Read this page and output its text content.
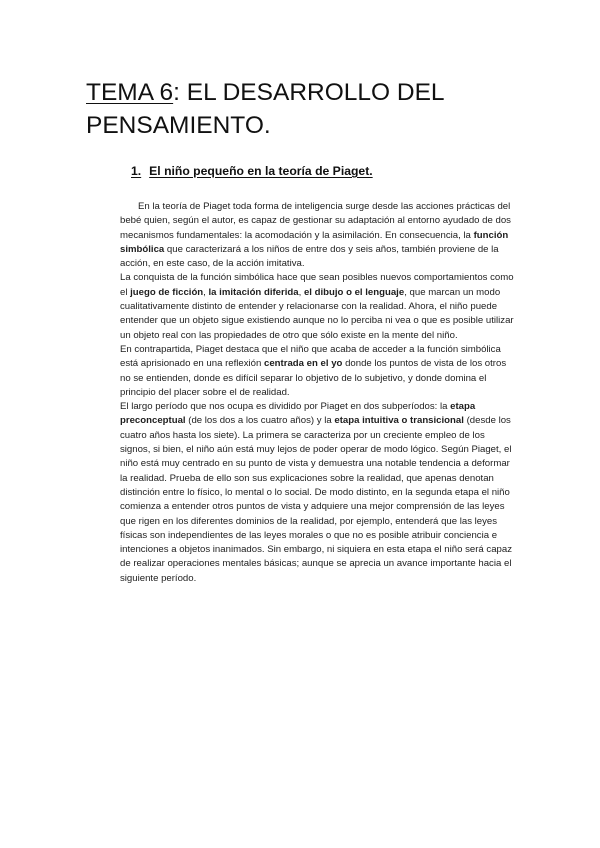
TEMA 6: EL DESARROLLO DEL PENSAMIENTO.
1. El niño pequeño en la teoría de Piaget.

En la teoría de Piaget toda forma de inteligencia surge desde las acciones prácticas del bebé quien, según el autor, es capaz de gestionar su adaptación al entorno ayudado de dos mecanismos fundamentales: la acomodación y la asimilación. En consecuencia, la función simbólica que caracterizará a los niños de entre dos y seis años, también proviene de la acción, en este caso, de la acción imitativa.

La conquista de la función simbólica hace que sean posibles nuevos comportamientos como el juego de ficción, la imitación diferida, el dibujo o el lenguaje, que marcan un modo cualitativamente distinto de entender y relacionarse con la realidad. Ahora, el niño puede entender que un objeto sigue existiendo aunque no lo perciba ni vea o que es posible utilizar un objeto real con las propiedades de otro que sólo existe en la mente del niño.

En contrapartida, Piaget destaca que el niño que acaba de acceder a la función simbólica está aprisionado en una reflexión centrada en el yo donde los puntos de vista de los otros no se entienden, donde es difícil separar lo objetivo de lo subjetivo, y donde domina el principio del placer sobre el de realidad.

El largo período que nos ocupa es dividido por Piaget en dos subperíodos: la etapa preconceptual (de los dos a los cuatro años) y la etapa intuitiva o transicional (desde los cuatro años hasta los siete). La primera se caracteriza por un creciente empleo de los

signos, si bien, el niño aún está muy lejos de poder operar de modo lógico. Según Piaget, el niño está muy centrado en su punto de vista y demuestra una notable tendencia a deformar la realidad. Prueba de ello son sus explicaciones sobre la realidad, que apenas denotan distinción entre lo físico, lo mental o lo social. De modo distinto, en la segunda etapa el niño comienza a entender otros puntos de vista y adquiere una mejor comprensión de las leyes que rigen en los diferentes dominios de la realidad, por ejemplo, entenderá que las leyes físicas son independientes de las leyes morales o que no es posible atribuir conciencia e intenciones a objetos inanimados. Sin embargo, ni siquiera en esta etapa el niño será capaz de realizar operaciones mentales básicas; aunque se aprecia un avance importante hacia el siguiente período.
